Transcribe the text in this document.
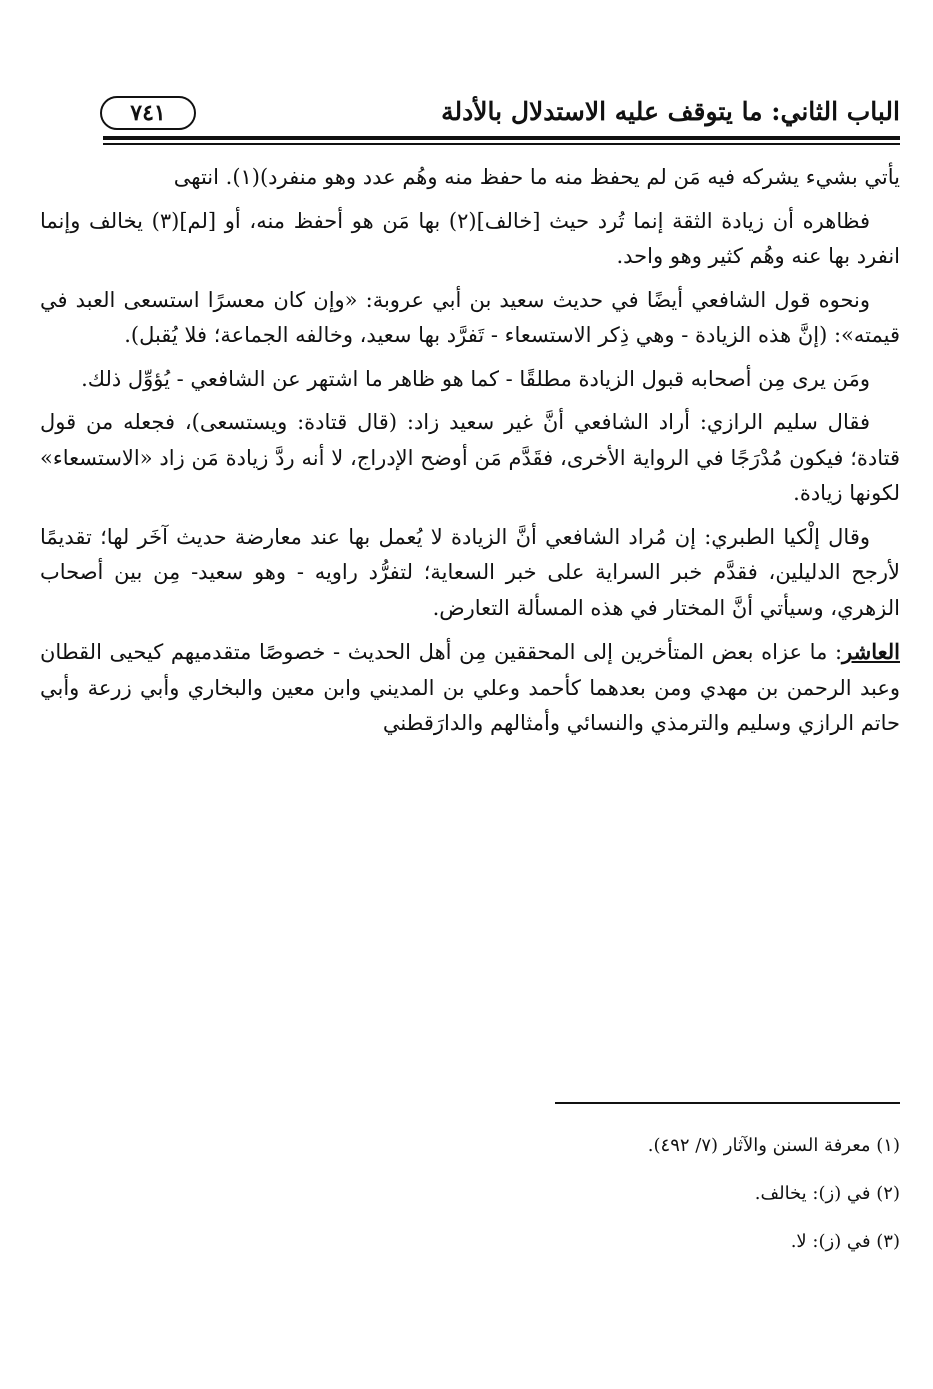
الباب الثاني: ما يتوقف عليه الاستدلال بالأدلة
٧٤١

يأتي بشيء يشركه فيه مَن لم يحفظ منه ما حفظ منه وهُم عدد وهو منفرد)(١). انتهى

فظاهره أن زيادة الثقة إنما تُرد حيث [خالف](٢) بها مَن هو أحفظ منه، أو [لم](٣) يخالف وإنما انفرد بها عنه وهُم كثير وهو واحد.

ونحوه قول الشافعي أيضًا في حديث سعيد بن أبي عروبة: «وإن كان معسرًا استسعى العبد في قيمته»: (إنَّ هذه الزيادة - وهي ذِكر الاستسعاء - تَفرَّد بها سعيد، وخالفه الجماعة؛ فلا يُقبل).

ومَن يرى مِن أصحابه قبول الزيادة مطلقًا - كما هو ظاهر ما اشتهر عن الشافعي - يُؤوِّل ذلك.

فقال سليم الرازي: أراد الشافعي أنَّ غير سعيد زاد: (قال قتادة: ويستسعى)، فجعله من قول قتادة؛ فيكون مُدْرَجًا في الرواية الأخرى، فقَدَّم مَن أوضح الإدراج، لا أنه ردَّ زيادة مَن زاد «الاستسعاء» لكونها زيادة.

وقال إلْكيا الطبري: إن مُراد الشافعي أنَّ الزيادة لا يُعمل بها عند معارضة حديث آخَر لها؛ تقديمًا لأرجح الدليلين، فقدَّم خبر السراية على خبر السعاية؛ لتفرُّد راويه - وهو سعيد- مِن بين أصحاب الزهري، وسيأتي أنَّ المختار في هذه المسألة التعارض.

العاشر: ما عزاه بعض المتأخرين إلى المحققين مِن أهل الحديث - خصوصًا متقدميهم كيحيى القطان وعبد الرحمن بن مهدي ومن بعدهما كأحمد وعلي بن المديني وابن معين والبخاري وأبي زرعة وأبي حاتم الرازي وسليم والترمذي والنسائي وأمثالهم والدارَقطني

(١) معرفة السنن والآثار (٧/ ٤٩٢).

(٢) في (ز): يخالف.

(٣) في (ز): لا.
